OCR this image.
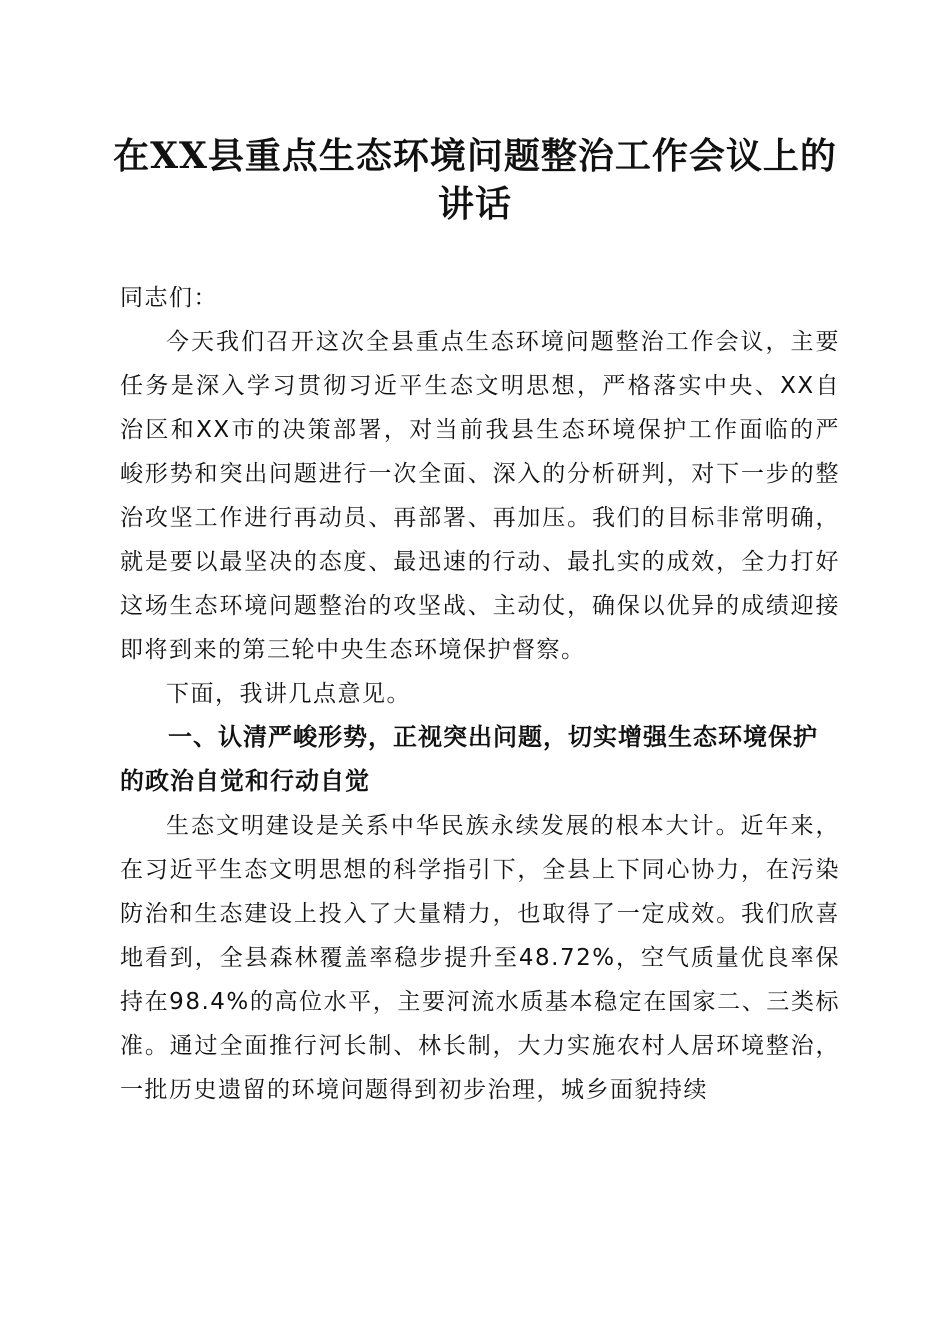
在XX县重点生态环境问题整治工作会议上的讲话

同志们：

今天我们召开这次全县重点生态环境问题整治工作会议，主要任务是深入学习贯彻习近平生态文明思想，严格落实中央、XX自治区和XX市的决策部署，对当前我县生态环境保护工作面临的严峻形势和突出问题进行一次全面、深入的分析研判，对下一步的整治攻坚工作进行再动员、再部署、再加压。我们的目标非常明确，就是要以最坚决的态度、最迅速的行动、最扎实的成效，全力打好这场生态环境问题整治的攻坚战、主动仗，确保以优异的成绩迎接即将到来的第三轮中央生态环境保护督察。

下面，我讲几点意见。

一、认清严峻形势，正视突出问题，切实增强生态环境保护的政治自觉和行动自觉

生态文明建设是关系中华民族永续发展的根本大计。近年来，在习近平生态文明思想的科学指引下，全县上下同心协力，在污染防治和生态建设上投入了大量精力，也取得了一定成效。我们欣喜地看到，全县森林覆盖率稳步提升至48.72%，空气质量优良率保持在98.4%的高位水平，主要河流水质基本稳定在国家二、三类标准。通过全面推行河长制、林长制，大力实施农村人居环境整治，一批历史遗留的环境问题得到初步治理，城乡面貌持续
